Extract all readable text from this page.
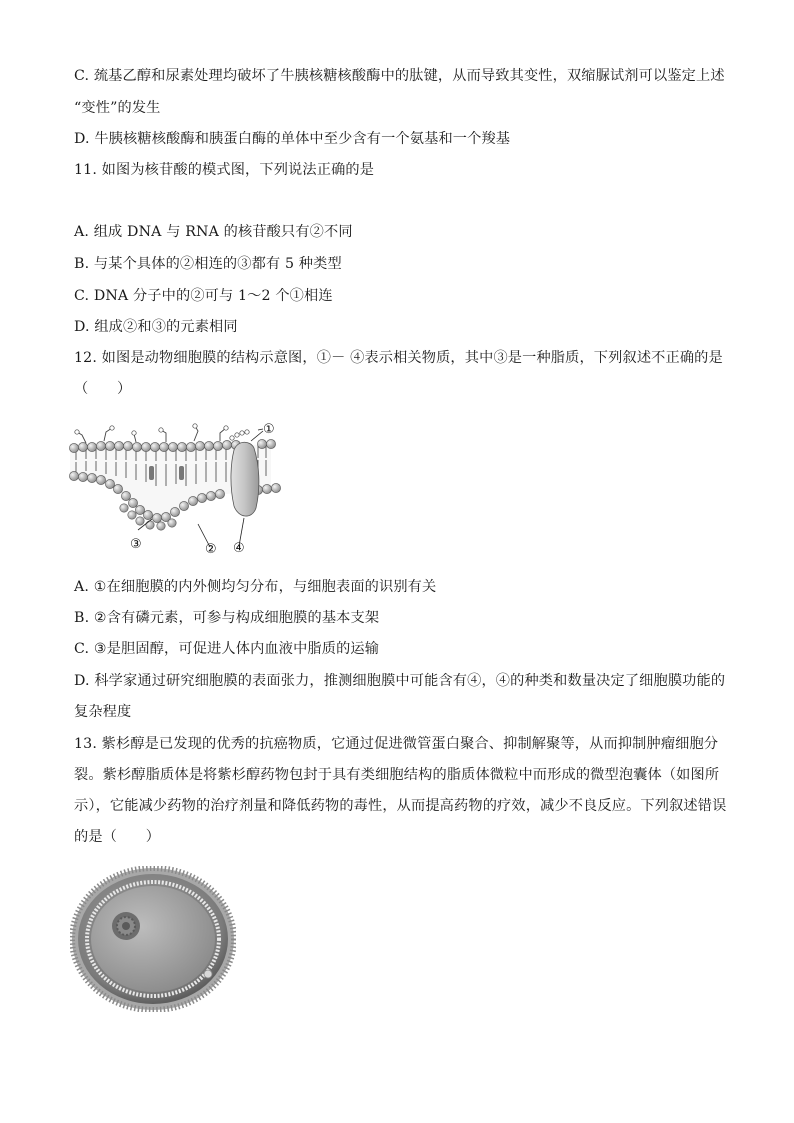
C. 巯基乙醇和尿素处理均破坏了牛胰核糖核酸酶中的肽键，从而导致其变性，双缩脲试剂可以鉴定上述
“变性”的发生
D. 牛胰核糖核酸酶和胰蛋白酶的单体中至少含有一个氨基和一个羧基
11. 如图为核苷酸的模式图，下列说法正确的是
A. 组成 DNA 与 RNA 的核苷酸只有②不同
B. 与某个具体的②相连的③都有 5 种类型
C. DNA 分子中的②可与 1～2 个①相连
D. 组成②和③的元素相同
12. 如图是动物细胞膜的结构示意图，①－ ④表示相关物质，其中③是一种脂质，下列叙述不正确的是
（　　）
①
③	② ④
A. ①在细胞膜的内外侧均匀分布，与细胞表面的识别有关
B. ②含有磷元素，可参与构成细胞膜的基本支架
C. ③是胆固醇，可促进人体内血液中脂质的运输
D. 科学家通过研究细胞膜的表面张力，推测细胞膜中可能含有④，④的种类和数量决定了细胞膜功能的
复杂程度
13. 紫杉醇是已发现的优秀的抗癌物质，它通过促进微管蛋白聚合、抑制解聚等，从而抑制肿瘤细胞分
裂。紫杉醇脂质体是将紫杉醇药物包封于具有类细胞结构的脂质体微粒中而形成的微型泡囊体（如图所
示），它能减少药物的治疗剂量和降低药物的毒性，从而提高药物的疗效，减少不良反应。下列叙述错误
的是（　　）
